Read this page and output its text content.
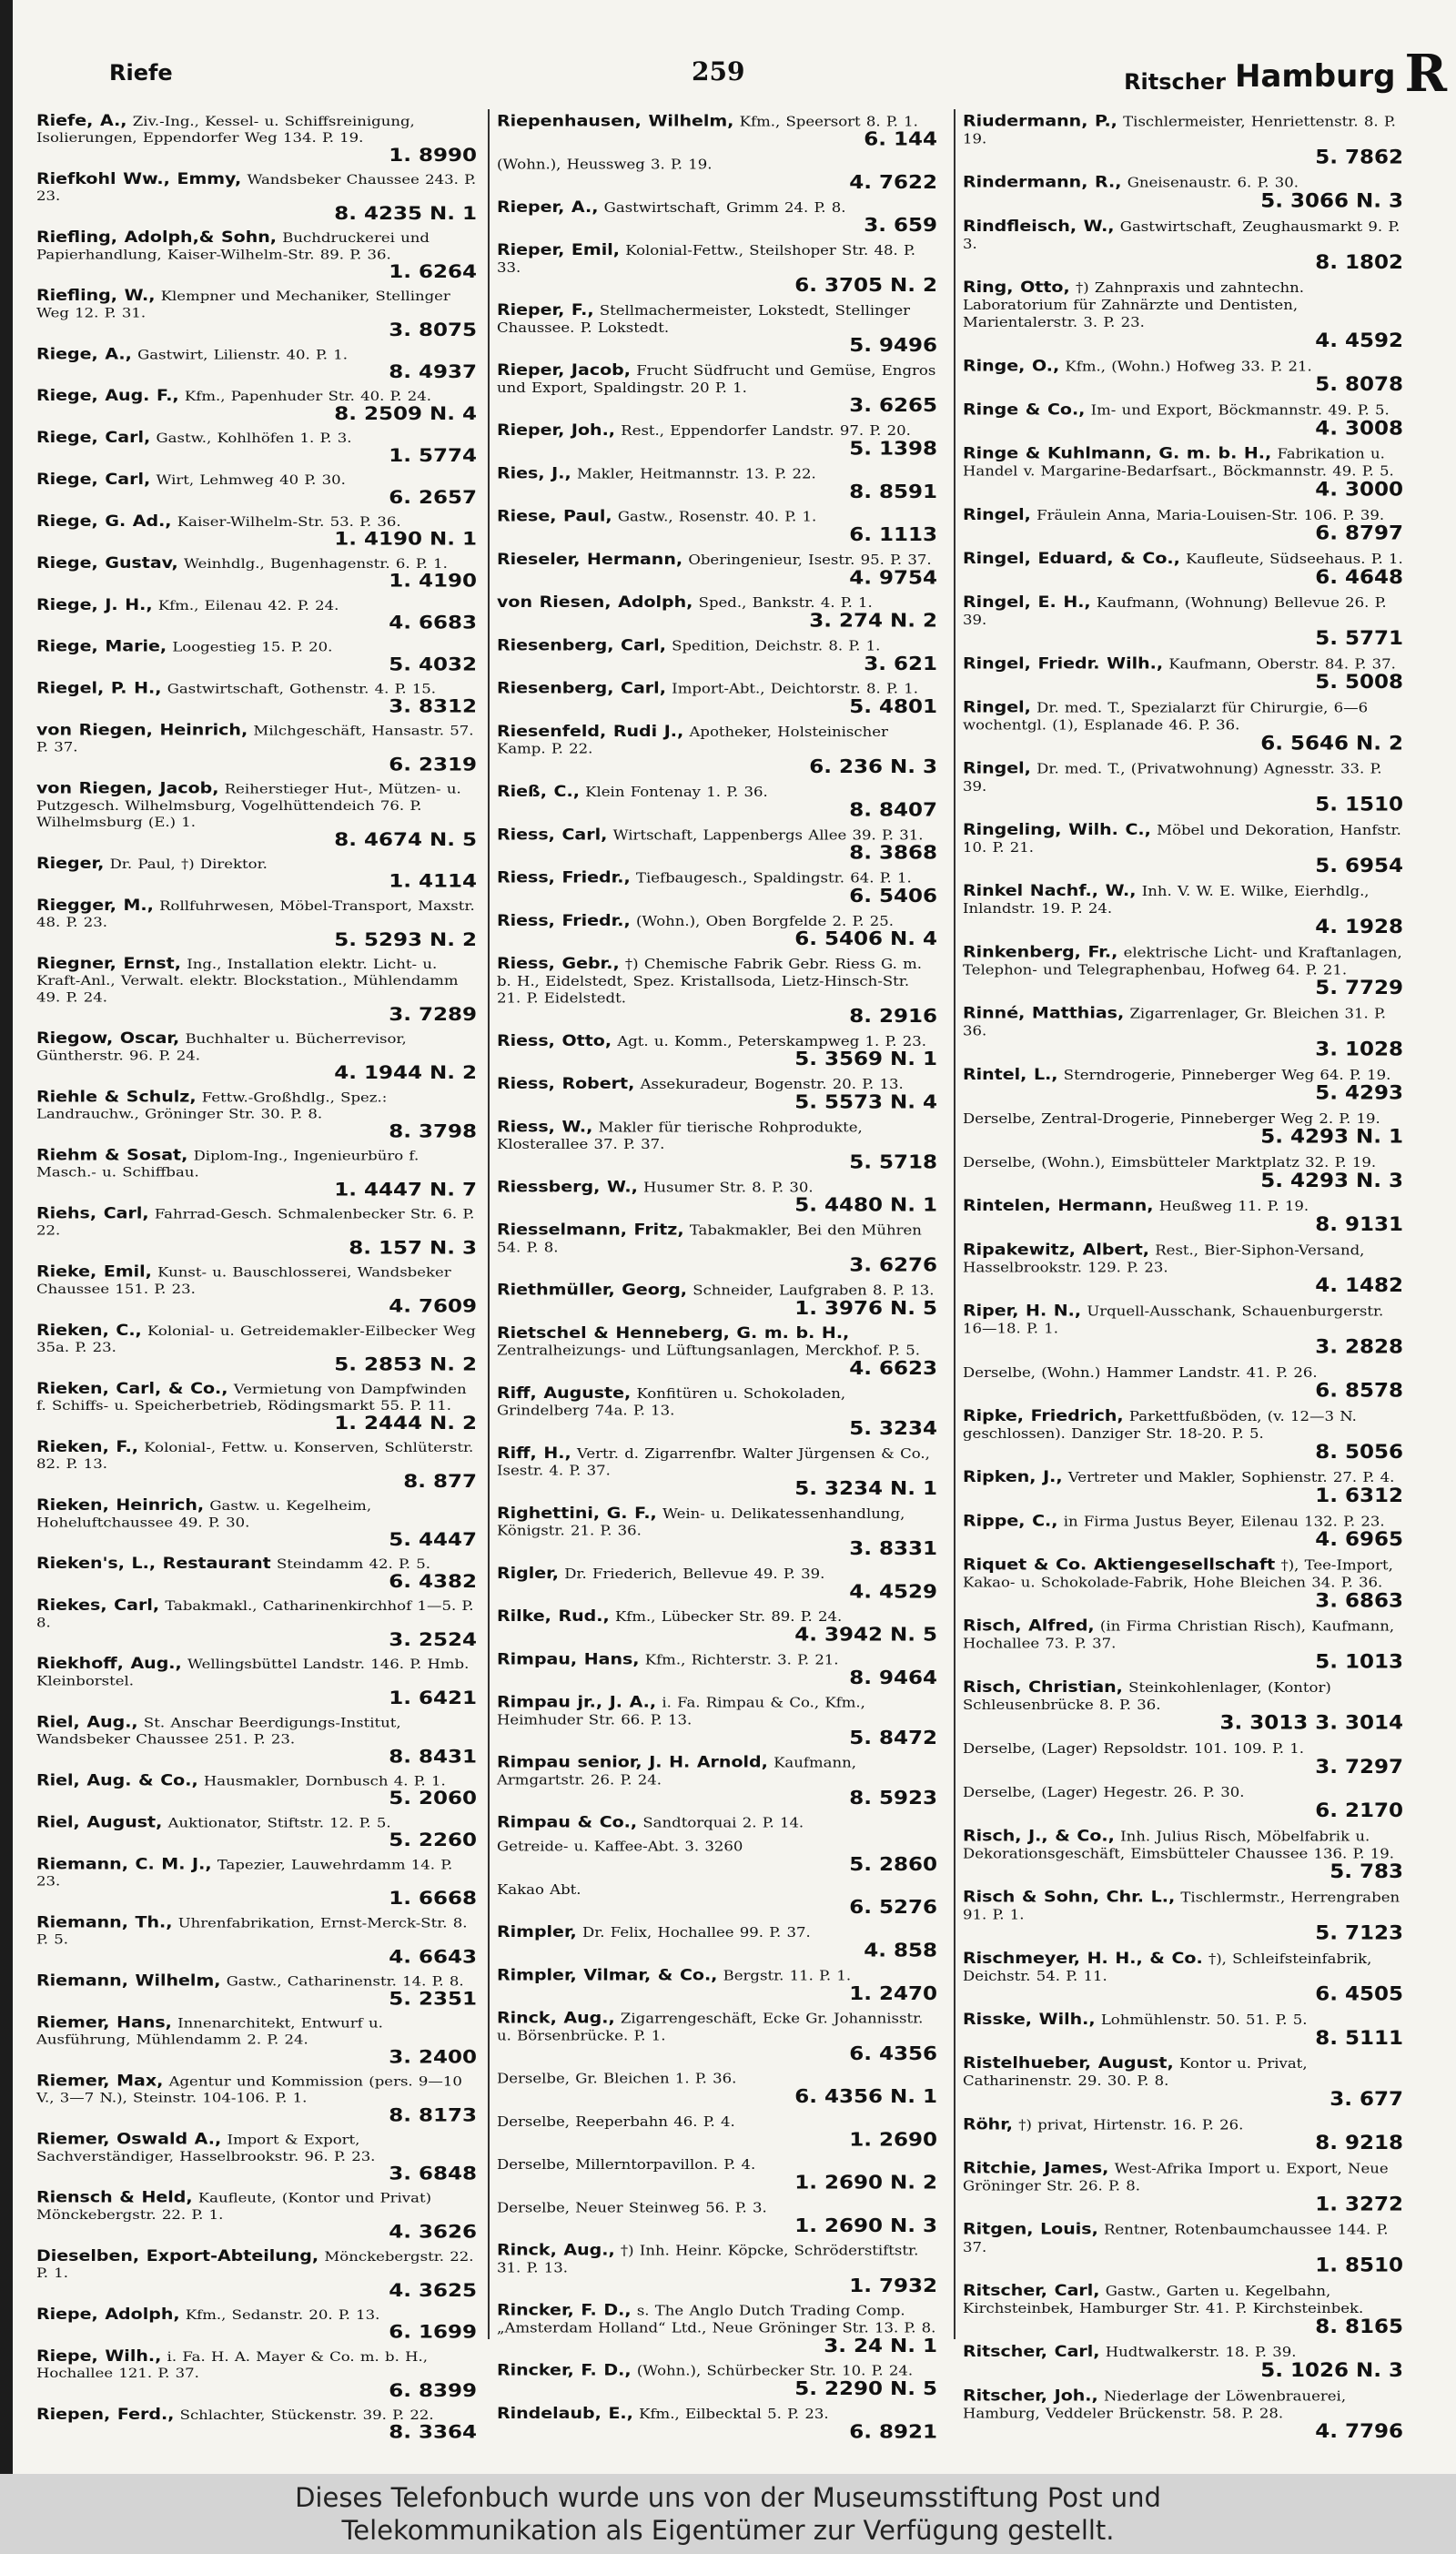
Riefe	259	Ritscher Hamburg R
Riefe, A., Ziv.-Ing., Kessel- u. Schiffsreinigung, Isolierungen, Eppendorfer Weg 134. P. 19.
1. 8990
Riefkohl Ww., Emmy, Wandsbeker Chaussee 243. P. 23.
8. 4235 N. 1
Riefling, Adolph,& Sohn, Buchdruckerei und Papierhandlung, Kaiser-Wilhelm-Str. 89. P. 36.
1. 6264
Riefling, W., Klempner und Mechaniker, Stellinger Weg 12. P. 31.
3. 8075
Riege, A., Gastwirt, Lilienstr. 40. P. 1.
8. 4937
Riege, Aug. F., Kfm., Papenhuder Str. 40. P. 24.
8. 2509 N. 4
Riege, Carl, Gastw., Kohlhöfen 1. P. 3.
1. 5774
Riege, Carl, Wirt, Lehmweg 40 P. 30.
6. 2657
Riege, G. Ad., Kaiser-Wilhelm-Str. 53. P. 36.
1. 4190 N. 1
Riege, Gustav, Weinhdlg., Bugenhagenstr. 6. P. 1.
1. 4190
Riege, J. H., Kfm., Eilenau 42. P. 24.
4. 6683
Riege, Marie, Loogestieg 15. P. 20.
5. 4032
Riegel, P. H., Gastwirtschaft, Gothenstr. 4. P. 15.
3. 8312
von Riegen, Heinrich, Milchgeschäft, Hansastr. 57. P. 37.
6. 2319
von Riegen, Jacob, Reiherstieger Hut-, Mützen- u. Putzgesch. Wilhelmsburg, Vogelhüttendeich 76. P. Wilhelmsburg (E.) 1.
8. 4674 N. 5
Rieger, Dr. Paul, †) Direktor.
1. 4114
Riegger, M., Rollfuhrwesen, Möbel-Transport, Maxstr. 48. P. 23.
5. 5293 N. 2
Riegner, Ernst, Ing., Installation elektr. Licht- u. Kraft-Anl., Verwalt. elektr. Blockstation., Mühlendamm 49. P. 24.
3. 7289
Riegow, Oscar, Buchhalter u. Bücherrevisor, Güntherstr. 96. P. 24.
4. 1944 N. 2
Riehle & Schulz, Fettw.-Großhdlg., Spez.: Landrauchw., Gröninger Str. 30. P. 8.
8. 3798
Riehm & Sosat, Diplom-Ing., Ingenieurbüro f. Masch.- u. Schiffbau.
1. 4447 N. 7
Riehs, Carl, Fahrrad-Gesch. Schmalenbecker Str. 6. P. 22.
8. 157 N. 3
Rieke, Emil, Kunst- u. Bauschlosserei, Wandsbeker Chaussee 151. P. 23.
4. 7609
Rieken, C., Kolonial- u. Getreidemakler-Eilbecker Weg 35a. P. 23.
5. 2853 N. 2
Rieken, Carl, & Co., Vermietung von Dampfwinden f. Schiffs- u. Speicherbetrieb, Rödingsmarkt 55. P. 11.
1. 2444 N. 2
Rieken, F., Kolonial-, Fettw. u. Konserven, Schlüterstr. 82. P. 13.
8. 877
Rieken, Heinrich, Gastw. u. Kegelheim, Hoheluftchaussee 49. P. 30.
5. 4447
Rieken's, L., Restaurant Steindamm 42. P. 5.
6. 4382
Riekes, Carl, Tabakmakl., Catharinenkirchhof 1—5. P. 8.
3. 2524
Riekhoff, Aug., Wellingsbüttel Landstr. 146. P. Hmb. Kleinborstel.
1. 6421
Riel, Aug., St. Anschar Beerdigungs-Institut, Wandsbeker Chaussee 251. P. 23.
8. 8431
Riel, Aug. & Co., Hausmakler, Dornbusch 4. P. 1.
5. 2060
Riel, August, Auktionator, Stiftstr. 12. P. 5.
5. 2260
Riemann, C. M. J., Tapezier, Lauwehrdamm 14. P. 23.
1. 6668
Riemann, Th., Uhrenfabrikation, Ernst-Merck-Str. 8. P. 5.
4. 6643
Riemann, Wilhelm, Gastw., Catharinenstr. 14. P. 8.
5. 2351
Riemer, Hans, Innenarchitekt, Entwurf u. Ausführung, Mühlendamm 2. P. 24.
3. 2400
Riemer, Max, Agentur und Kommission (pers. 9—10 V., 3—7 N.), Steinstr. 104-106. P. 1.
8. 8173
Riemer, Oswald A., Import & Export, Sachverständiger, Hasselbrookstr. 96. P. 23.
3. 6848
Riensch & Held, Kaufleute, (Kontor und Privat) Mönckebergstr. 22. P. 1.
4. 3626
Dieselben, Export-Abteilung, Mönckebergstr. 22. P. 1.
4. 3625
Riepe, Adolph, Kfm., Sedanstr. 20. P. 13.
6. 1699
Riepe, Wilh., i. Fa. H. A. Mayer & Co. m. b. H., Hochallee 121. P. 37.
6. 8399
Riepen, Ferd., Schlachter, Stückenstr. 39. P. 22.
8. 3364
Riepenhausen, Wilhelm, Kfm., Speersort 8. P. 1.
6. 144
(Wohn.), Heussweg 3. P. 19.
4. 7622
Rieper, A., Gastwirtschaft, Grimm 24. P. 8.
3. 659
Rieper, Emil, Kolonial-Fettw., Steilshoper Str. 48. P. 33.
6. 3705 N. 2
Rieper, F., Stellmachermeister, Lokstedt, Stellinger Chaussee. P. Lokstedt.
5. 9496
Rieper, Jacob, Frucht Südfrucht und Gemüse, Engros und Export, Spaldingstr. 20 P. 1.
3. 6265
Rieper, Joh., Rest., Eppendorfer Landstr. 97. P. 20.
5. 1398
Ries, J., Makler, Heitmannstr. 13. P. 22.
8. 8591
Riese, Paul, Gastw., Rosenstr. 40. P. 1.
6. 1113
Rieseler, Hermann, Oberingenieur, Isestr. 95. P. 37.
4. 9754
von Riesen, Adolph, Sped., Bankstr. 4. P. 1.
3. 274 N. 2
Riesenberg, Carl, Spedition, Deichstr. 8. P. 1.
3. 621
Riesenberg, Carl, Import-Abt., Deichtorstr. 8. P. 1.
5. 4801
Riesenfeld, Rudi J., Apotheker, Holsteinischer Kamp. P. 22.
6. 236 N. 3
Rieß, C., Klein Fontenay 1. P. 36.
8. 8407
Riess, Carl, Wirtschaft, Lappenbergs Allee 39. P. 31.
8. 3868
Riess, Friedr., Tiefbaugesch., Spaldingstr. 64. P. 1.
6. 5406
Riess, Friedr., (Wohn.), Oben Borgfelde 2. P. 25.
6. 5406 N. 4
Riess, Gebr., †) Chemische Fabrik Gebr. Riess G. m. b. H., Eidelstedt, Spez. Kristallsoda, Lietz-Hinsch-Str. 21. P. Eidelstedt.
8. 2916
Riess, Otto, Agt. u. Komm., Peterskampweg 1. P. 23.
5. 3569 N. 1
Riess, Robert, Assekuradeur, Bogenstr. 20. P. 13.
5. 5573 N. 4
Riess, W., Makler für tierische Rohprodukte, Klosterallee 37. P. 37.
5. 5718
Riessberg, W., Husumer Str. 8. P. 30.
5. 4480 N. 1
Riesselmann, Fritz, Tabakmakler, Bei den Mühren 54. P. 8.
3. 6276
Riethmüller, Georg, Schneider, Laufgraben 8. P. 13.
1. 3976 N. 5
Rietschel & Henneberg, G. m. b. H., Zentralheizungs- und Lüftungsanlagen, Merckhof. P. 5.
4. 6623
Riff, Auguste, Konfitüren u. Schokoladen, Grindelberg 74a. P. 13.
5. 3234
Riff, H., Vertr. d. Zigarrenfbr. Walter Jürgensen & Co., Isestr. 4. P. 37.
5. 3234 N. 1
Righettini, G. F., Wein- u. Delikatessenhandlung, Königstr. 21. P. 36.
3. 8331
Rigler, Dr. Friederich, Bellevue 49. P. 39.
4. 4529
Rilke, Rud., Kfm., Lübecker Str. 89. P. 24.
4. 3942 N. 5
Rimpau, Hans, Kfm., Richterstr. 3. P. 21.
8. 9464
Rimpau jr., J. A., i. Fa. Rimpau & Co., Kfm., Heimhuder Str. 66. P. 13.
5. 8472
Rimpau senior, J. H. Arnold, Kaufmann, Armgartstr. 26. P. 24.
8. 5923
Rimpau & Co., Sandtorquai 2. P. 14.
Getreide- u. Kaffee-Abt. 3. 3260
5. 2860
Kakao Abt.
6. 5276
Rimpler, Dr. Felix, Hochallee 99. P. 37.
4. 858
Rimpler, Vilmar, & Co., Bergstr. 11. P. 1.
1. 2470
Rinck, Aug., Zigarrengeschäft, Ecke Gr. Johannisstr. u. Börsenbrücke. P. 1.
6. 4356
Derselbe, Gr. Bleichen 1. P. 36.
6. 4356 N. 1
Derselbe, Reeperbahn 46. P. 4.
1. 2690
Derselbe, Millerntorpavillon. P. 4.
1. 2690 N. 2
Derselbe, Neuer Steinweg 56. P. 3.
1. 2690 N. 3
Rinck, Aug., †) Inh. Heinr. Köpcke, Schröderstiftstr. 31. P. 13.
1. 7932
Rincker, F. D., s. The Anglo Dutch Trading Comp. „Amsterdam Holland“ Ltd., Neue Gröninger Str. 13. P. 8.
3. 24 N. 1
Rincker, F. D., (Wohn.), Schürbecker Str. 10. P. 24.
5. 2290 N. 5
Rindelaub, E., Kfm., Eilbecktal 5. P. 23.
6. 8921
Riudermann, P., Tischlermeister, Henriettenstr. 8. P. 19.
5. 7862
Rindermann, R., Gneisenaustr. 6. P. 30.
5. 3066 N. 3
Rindfleisch, W., Gastwirtschaft, Zeughausmarkt 9. P. 3.
8. 1802
Ring, Otto, †) Zahnpraxis und zahntechn. Laboratorium für Zahnärzte und Dentisten, Marientalerstr. 3. P. 23.
4. 4592
Ringe, O., Kfm., (Wohn.) Hofweg 33. P. 21.
5. 8078
Ringe & Co., Im- und Export, Böckmannstr. 49. P. 5.
4. 3008
Ringe & Kuhlmann, G. m. b. H., Fabrikation u. Handel v. Margarine-Bedarfsart., Böckmannstr. 49. P. 5.
4. 3000
Ringel, Fräulein Anna, Maria-Louisen-Str. 106. P. 39.
6. 8797
Ringel, Eduard, & Co., Kaufleute, Südseehaus. P. 1.
6. 4648
Ringel, E. H., Kaufmann, (Wohnung) Bellevue 26. P. 39.
5. 5771
Ringel, Friedr. Wilh., Kaufmann, Oberstr. 84. P. 37.
5. 5008
Ringel, Dr. med. T., Spezialarzt für Chirurgie, 6—6 wochentgl. (1), Esplanade 46. P. 36.
6. 5646 N. 2
Ringel, Dr. med. T., (Privatwohnung) Agnesstr. 33. P. 39.
5. 1510
Ringeling, Wilh. C., Möbel und Dekoration, Hanfstr. 10. P. 21.
5. 6954
Rinkel Nachf., W., Inh. V. W. E. Wilke, Eierhdlg., Inlandstr. 19. P. 24.
4. 1928
Rinkenberg, Fr., elektrische Licht- und Kraftanlagen, Telephon- und Telegraphenbau, Hofweg 64. P. 21.
5. 7729
Rinné, Matthias, Zigarrenlager, Gr. Bleichen 31. P. 36.
3. 1028
Rintel, L., Sterndrogerie, Pinneberger Weg 64. P. 19.
5. 4293
Derselbe, Zentral-Drogerie, Pinneberger Weg 2. P. 19.
5. 4293 N. 1
Derselbe, (Wohn.), Eimsbütteler Marktplatz 32. P. 19.
5. 4293 N. 3
Rintelen, Hermann, Heußweg 11. P. 19.
8. 9131
Ripakewitz, Albert, Rest., Bier-Siphon-Versand, Hasselbrookstr. 129. P. 23.
4. 1482
Riper, H. N., Urquell-Ausschank, Schauenburgerstr. 16—18. P. 1.
3. 2828
Derselbe, (Wohn.) Hammer Landstr. 41. P. 26.
6. 8578
Ripke, Friedrich, Parkettfußböden, (v. 12—3 N. geschlossen). Danziger Str. 18-20. P. 5.
8. 5056
Ripken, J., Vertreter und Makler, Sophienstr. 27. P. 4.
1. 6312
Rippe, C., in Firma Justus Beyer, Eilenau 132. P. 23.
4. 6965
Riquet & Co. Aktiengesellschaft †), Tee-Import, Kakao- u. Schokolade-Fabrik, Hohe Bleichen 34. P. 36.
3. 6863
Risch, Alfred, (in Firma Christian Risch), Kaufmann, Hochallee 73. P. 37.
5. 1013
Risch, Christian, Steinkohlenlager, (Kontor) Schleusenbrücke 8. P. 36.
3. 3013 3. 3014
Derselbe, (Lager) Repsoldstr. 101. 109. P. 1.
3. 7297
Derselbe, (Lager) Hegestr. 26. P. 30.
6. 2170
Risch, J., & Co., Inh. Julius Risch, Möbelfabrik u. Dekorationsgeschäft, Eimsbütteler Chaussee 136. P. 19.
5. 783
Risch & Sohn, Chr. L., Tischlermstr., Herrengraben 91. P. 1.
5. 7123
Rischmeyer, H. H., & Co. †), Schleifsteinfabrik, Deichstr. 54. P. 11.
6. 4505
Risske, Wilh., Lohmühlenstr. 50. 51. P. 5.
8. 5111
Ristelhueber, August, Kontor u. Privat, Catharinenstr. 29. 30. P. 8.
3. 677
Röhr, †) privat, Hirtenstr. 16. P. 26.
8. 9218
Ritchie, James, West-Afrika Import u. Export, Neue Gröninger Str. 26. P. 8.
1. 3272
Ritgen, Louis, Rentner, Rotenbaumchaussee 144. P. 37.
1. 8510
Ritscher, Carl, Gastw., Garten u. Kegelbahn, Kirchsteinbek, Hamburger Str. 41. P. Kirchsteinbek.
8. 8165
Ritscher, Carl, Hudtwalkerstr. 18. P. 39.
5. 1026 N. 3
Ritscher, Joh., Niederlage der Löwenbrauerei, Hamburg, Veddeler Brückenstr. 58. P. 28.
4. 7796
Dieses Telefonbuch wurde uns von der Museumsstiftung Post und
Telekommunikation als Eigentümer zur Verfügung gestellt.
